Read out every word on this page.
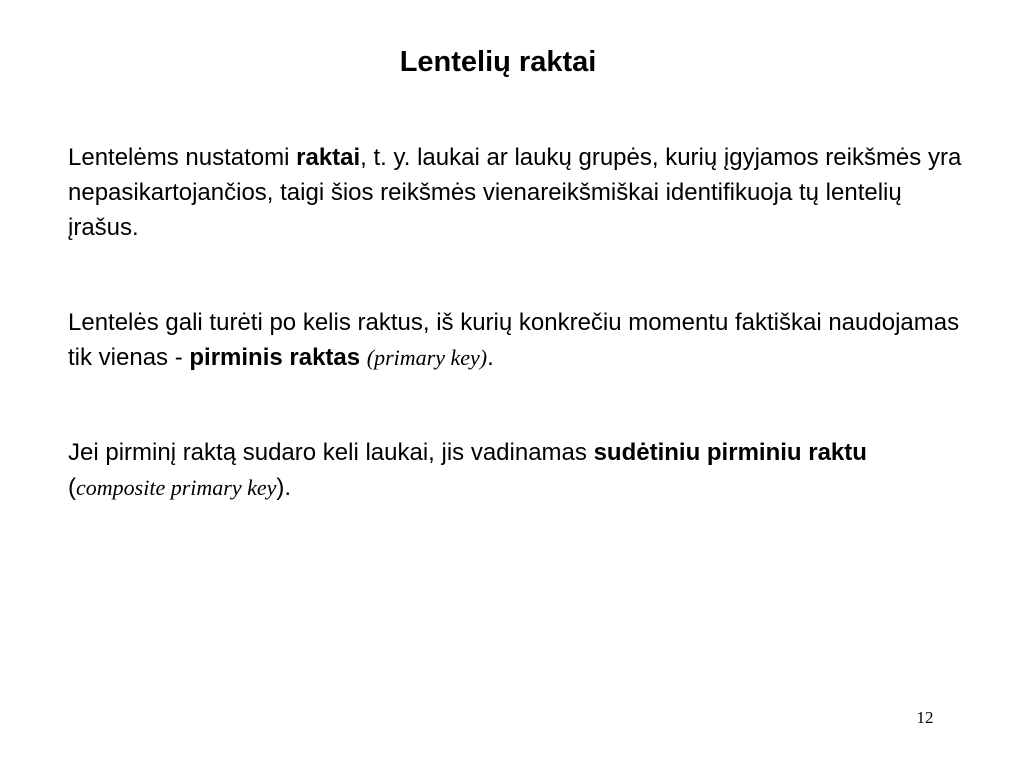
Lentelių raktai

Lentelėms nustatomi raktai, t. y. laukai ar laukų grupės, kurių įgyjamos reikšmės yra nepasikartojančios, taigi šios reikšmės vienareikšmiškai identifikuoja tų lentelių įrašus.

Lentelės gali turėti po kelis raktus, iš kurių konkrečiu momentu faktiškai naudojamas tik vienas - pirminis raktas (primary key).

Jei pirminį raktą sudaro keli laukai, jis vadinamas sudėtiniu pirminiu raktu (composite primary key).

12
